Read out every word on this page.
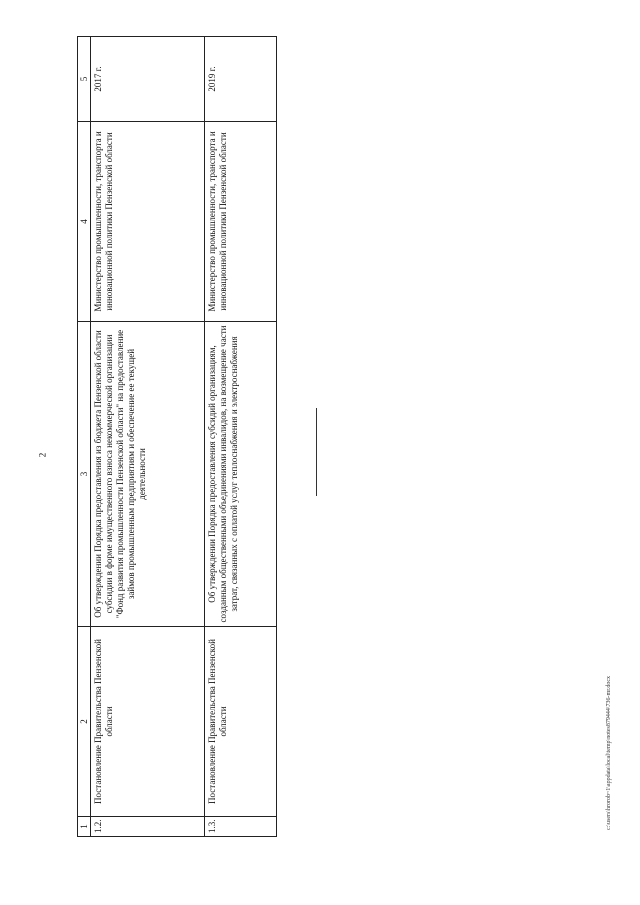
2
c:\users\hrorob~1\appdata\local\temp\notes879444\736-mr.docx
1	2	3	4	5
1.2.	Постановление Правительства Пензенской области	Об утверждении Порядка предоставления из бюджета Пензенской области субсидии в форме имущественного взноса некоммерческой организации "Фонд развития промышленности Пензенской области" на предоставление займов промышленным предприятиям и обеспечение ее текущей деятельности	Министерство промышленности, транспорта и инновационной политики Пензенской области	2017 г.
1.3.	Постановление Правительства Пензенской области	Об утверждении Порядка предоставления субсидий организациям, созданным общественными объединениями инвалидов, на возмещение части затрат, связанных с оплатой услуг теплоснабжения и электроснабжения	Министерство промышленности, транспорта и инновационной политики Пензенской области	2019 г.
